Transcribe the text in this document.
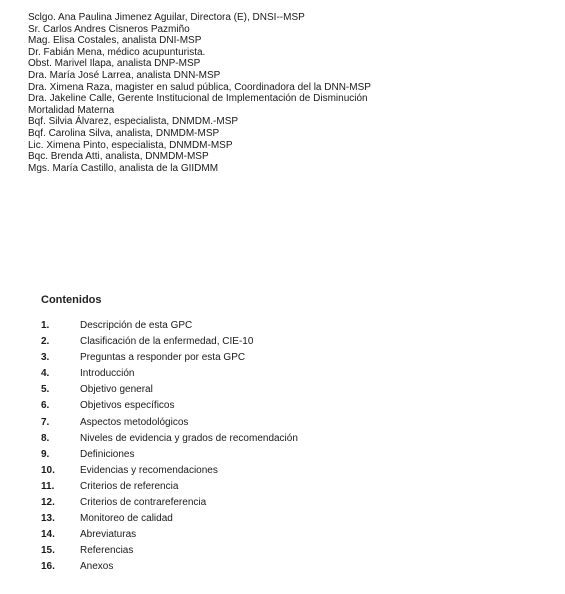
Sclgo. Ana Paulina Jimenez Aguilar, Directora (E), DNSI--MSP
Sr. Carlos Andres Cisneros Pazmiño
Mag. Elisa Costales, analista DNI-MSP
Dr. Fabián Mena, médico acupunturista.
Obst. Marivel Ilapa, analista DNP-MSP
Dra. María José Larrea, analista DNN-MSP
Dra. Ximena Raza, magister en salud pública, Coordinadora del la DNN-MSP
Dra. Jakeline Calle, Gerente Institucional de Implementación de Disminución
Mortalidad Materna
Bqf. Silvia Álvarez, especialista, DNMDM.-MSP
Bqf. Carolina Silva, analista, DNMDM-MSP
Lic. Ximena Pinto, especialista, DNMDM-MSP
Bqc. Brenda Atti, analista, DNMDM-MSP
Mgs. María Castillo, analista de la GIIDMM
Contenidos
1.	Descripción de esta GPC
2.	Clasificación de la enfermedad, CIE-10
3.	Preguntas a responder por esta GPC
4.	Introducción
5.	Objetivo general
6.	Objetivos específicos
7.	Aspectos metodológicos
8.	Niveles de evidencia y grados de recomendación
9.	Definiciones
10.	Evidencias y recomendaciones
11.	Criterios de referencia
12.	Criterios de contrareferencia
13.	Monitoreo de calidad
14.	Abreviaturas
15.	Referencias
16.	Anexos
